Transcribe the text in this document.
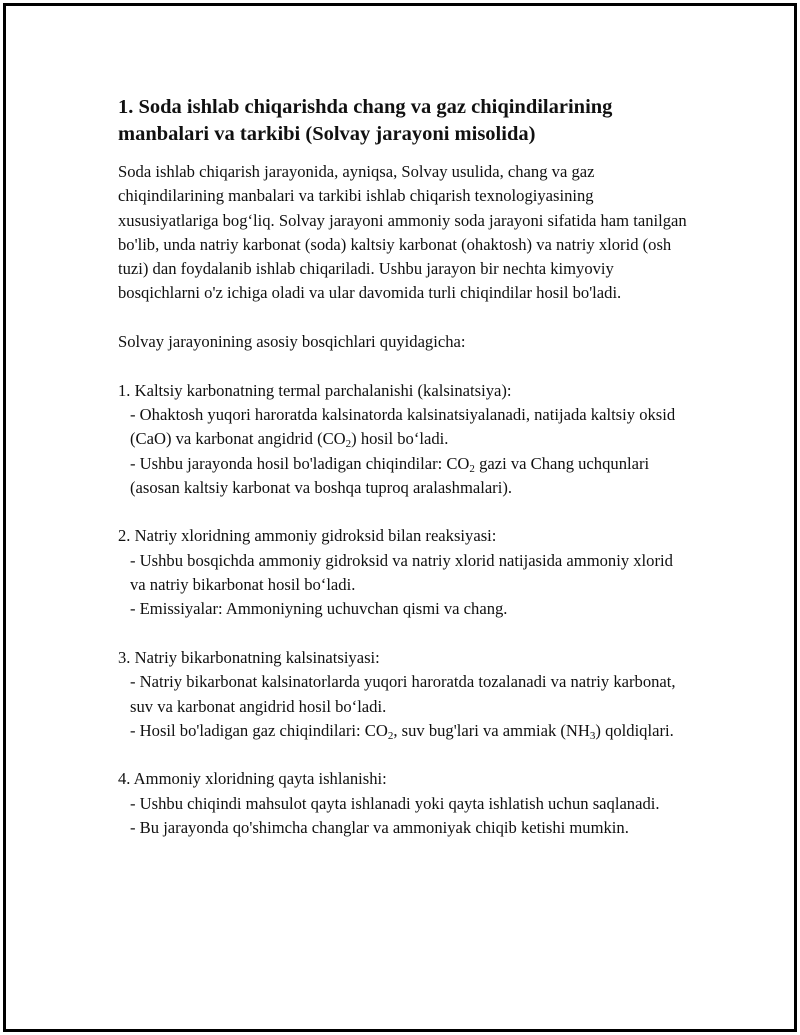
1. Soda ishlab chiqarishda chang va gaz chiqindilarining manbalari va tarkibi (Solvay jarayoni misolida)

Soda ishlab chiqarish jarayonida, ayniqsa, Solvay usulida, chang va gaz chiqindilarining manbalari va tarkibi ishlab chiqarish texnologiyasining xususiyatlariga bog‘liq. Solvay jarayoni ammoniy soda jarayoni sifatida ham tanilgan bo'lib, unda natriy karbonat (soda) kaltsiy karbonat (ohaktosh) va natriy xlorid (osh tuzi) dan foydalanib ishlab chiqariladi. Ushbu jarayon bir nechta kimyoviy bosqichlarni o'z ichiga oladi va ular davomida turli chiqindilar hosil bo'ladi.

Solvay jarayonining asosiy bosqichlari quyidagicha:

1. Kaltsiy karbonatning termal parchalanishi (kalsinatsiya):

- Ohaktosh yuqori haroratda kalsinatorda kalsinatsiyalanadi, natijada kaltsiy oksid (CaO) va karbonat angidrid $(CO_2)$ hosil bo‘ladi.

- Ushbu jarayonda hosil bo'ladigan chiqindilar: $CO_2$ gazi va Chang uchqunlari (asosan kaltsiy karbonat va boshqa tuproq aralashmalari).

2. Natriy xloridning ammoniy gidroksid bilan reaksiyasi:

- Ushbu bosqichda ammoniy gidroksid va natriy xlorid natijasida ammoniy xlorid va natriy bikarbonat hosil bo‘ladi.

- Emissiyalar: Ammoniyning uchuvchan qismi va chang.

3. Natriy bikarbonatning kalsinatsiyasi:

- Natriy bikarbonat kalsinatorlarda yuqori haroratda tozalanadi va natriy karbonat, suv va karbonat angidrid hosil bo‘ladi.

- Hosil bo'ladigan gaz chiqindilari: $CO_2$, suv bug'lari va ammiak $(NH_3)$ qoldiqlari.

4. Ammoniy xloridning qayta ishlanishi:

- Ushbu chiqindi mahsulot qayta ishlanadi yoki qayta ishlatish uchun saqlanadi.

- Bu jarayonda qo'shimcha changlar va ammoniyak chiqib ketishi mumkin.
